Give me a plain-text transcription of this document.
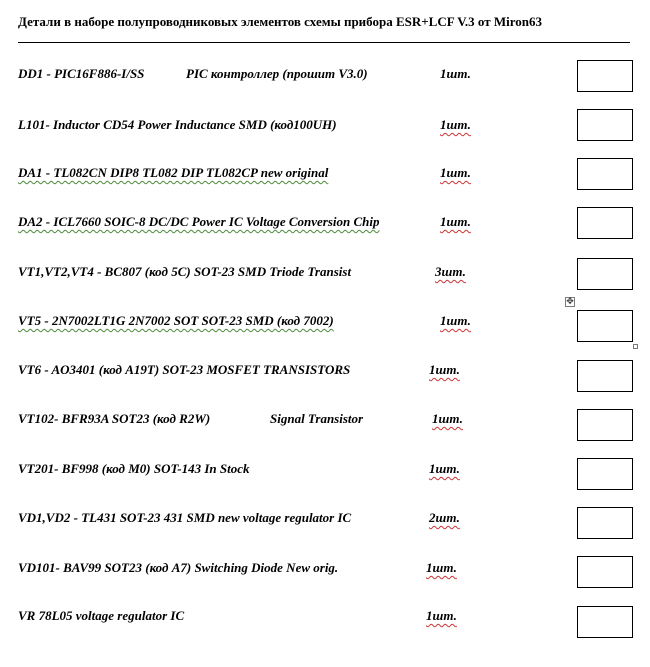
Детали в наборе полупроводниковых элементов схемы прибора ESR+LCF V.3 от Miron63
DD1 - PIC16F886-I/SS	PIC контроллер (прошит V3.0)	1шт.
L101- Inductor CD54 Power Inductance SMD (код100UH)	1шт.
DA1 - TL082CN DIP8 TL082 DIP TL082CP new original	1шт.
DA2 - ICL7660 SOIC-8 DC/DC Power IC Voltage Conversion Chip	1шт.
VT1,VT2,VT4 - BC807 (код 5C) SOT-23 SMD Triode Transist	3шт.
VT5 - 2N7002LT1G 2N7002 SOT SOT-23 SMD (код 7002)	1шт.
✥
VT6 - AO3401 (код A19T) SOT-23 MOSFET TRANSISTORS	1шт.
VT102- BFR93A SOT23 (код R2W)	Signal Transistor	1шт.
VT201- BF998 (код M0) SOT-143 In Stock	1шт.
VD1,VD2 - TL431 SOT-23 431 SMD new voltage regulator IC	2шт.
VD101- BAV99 SOT23 (код A7) Switching Diode New orig.	1шт.
VR 78L05 voltage regulator IC	1шт.
